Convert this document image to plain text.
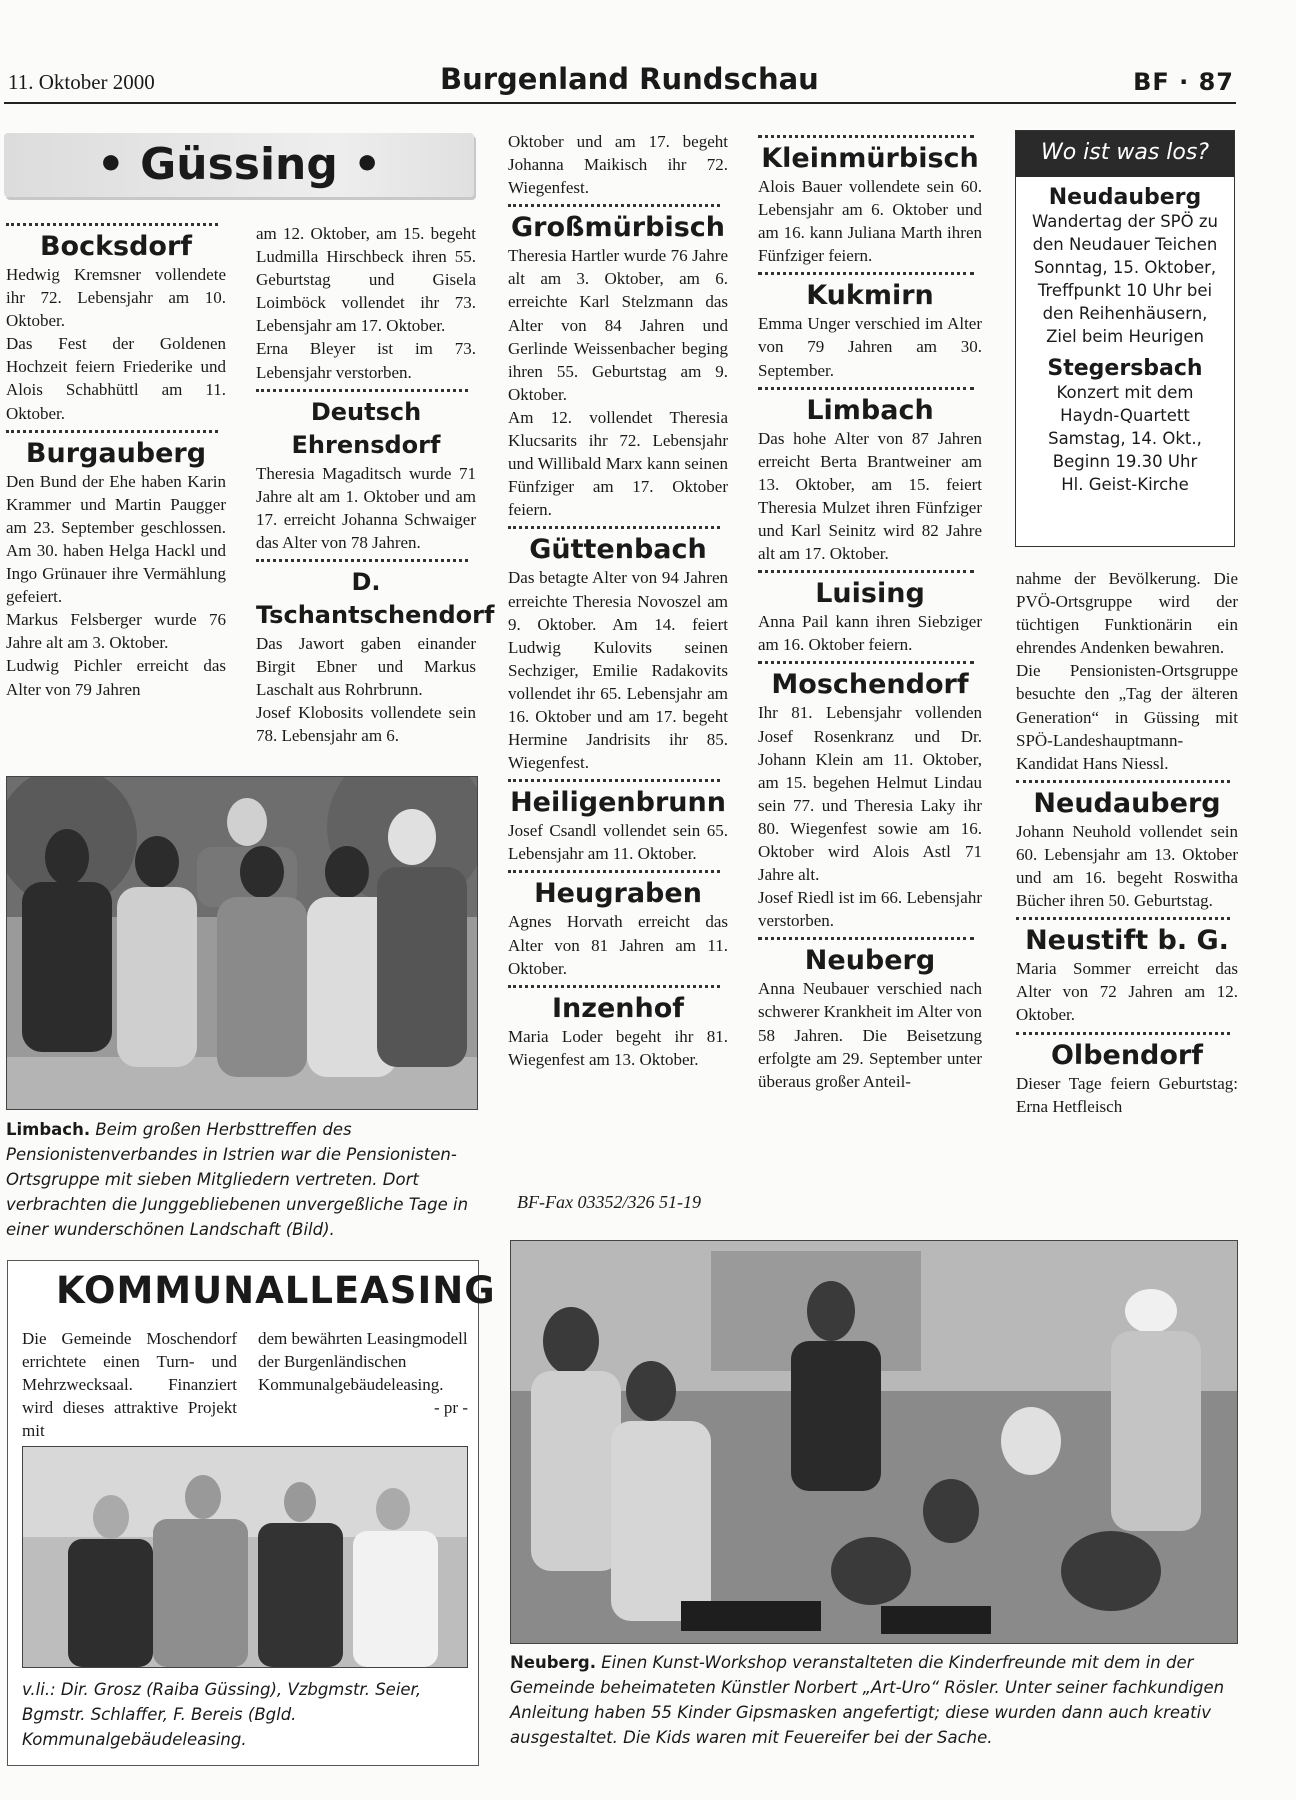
11. Oktober 2000	Burgenland Rundschau	BF · 87
• Güssing •
Bocksdorf

Hedwig Kremsner vollendete ihr 72. Lebensjahr am 10. Oktober.

Das Fest der Goldenen Hochzeit feiern Friederike und Alois Schabhüttl am 11. Oktober.

Burgauberg

Den Bund der Ehe haben Karin Krammer und Martin Paugger am 23. September geschlossen. Am 30. haben Helga Hackl und Ingo Grünauer ihre Vermählung gefeiert.

Markus Felsberger wurde 76 Jahre alt am 3. Oktober.

Ludwig Pichler erreicht das Alter von 79 Jahren

am 12. Oktober, am 15. begeht Ludmilla Hirschbeck ihren 55. Geburtstag und Gisela Loimböck vollendet ihr 73. Lebensjahr am 17. Oktober.

Erna Bleyer ist im 73. Lebensjahr verstorben.

Deutsch Ehrensdorf

Theresia Magaditsch wurde 71 Jahre alt am 1. Oktober und am 17. erreicht Johanna Schwaiger das Alter von 78 Jahren.

D. Tschantschendorf

Das Jawort gaben einander Birgit Ebner und Markus Laschalt aus Rohrbrunn.

Josef Klobosits vollendete sein 78. Lebensjahr am 6.

Oktober und am 17. begeht Johanna Maikisch ihr 72. Wiegenfest.

Großmürbisch

Theresia Hartler wurde 76 Jahre alt am 3. Oktober, am 6. erreichte Karl Stelzmann das Alter von 84 Jahren und Gerlinde Weissenbacher beging ihren 55. Geburtstag am 9. Oktober.

Am 12. vollendet Theresia Klucsarits ihr 72. Lebensjahr und Willibald Marx kann seinen Fünfziger am 17. Oktober feiern.

Güttenbach

Das betagte Alter von 94 Jahren erreichte Theresia Novoszel am 9. Oktober. Am 14. feiert Ludwig Kulovits seinen Sechziger, Emilie Radakovits vollendet ihr 65. Lebensjahr am 16. Oktober und am 17. begeht Hermine Jandrisits ihr 85. Wiegenfest.

Heiligenbrunn

Josef Csandl vollendet sein 65. Lebensjahr am 11. Oktober.

Heugraben

Agnes Horvath erreicht das Alter von 81 Jahren am 11. Oktober.

Inzenhof

Maria Loder begeht ihr 81. Wiegenfest am 13. Oktober.

BF-Fax 03352/326 51-19
Kleinmürbisch

Alois Bauer vollendete sein 60. Lebensjahr am 6. Oktober und am 16. kann Juliana Marth ihren Fünfziger feiern.

Kukmirn

Emma Unger verschied im Alter von 79 Jahren am 30. September.

Limbach

Das hohe Alter von 87 Jahren erreicht Berta Brantweiner am 13. Oktober, am 15. feiert Theresia Mulzet ihren Fünfziger und Karl Seinitz wird 82 Jahre alt am 17. Oktober.

Luising

Anna Pail kann ihren Siebziger am 16. Oktober feiern.

Moschendorf

Ihr 81. Lebensjahr vollenden Josef Rosenkranz und Dr. Johann Klein am 11. Oktober, am 15. begehen Helmut Lindau sein 77. und Theresia Laky ihr 80. Wiegenfest sowie am 16. Oktober wird Alois Astl 71 Jahre alt.

Josef Riedl ist im 66. Lebensjahr verstorben.

Neuberg

Anna Neubauer verschied nach schwerer Krankheit im Alter von 58 Jahren. Die Beisetzung erfolgte am 29. September unter überaus großer Anteil-

Wo ist was los?
Neudauberg
Wandertag der SPÖ zu
den Neudauer Teichen
Sonntag, 15. Oktober,
Treffpunkt 10 Uhr bei
den Reihenhäusern,
Ziel beim Heurigen
Stegersbach
Konzert mit dem
Haydn-Quartett
Samstag, 14. Okt.,
Beginn 19.30 Uhr
Hl. Geist-Kirche

nahme der Bevölkerung. Die PVÖ-Ortsgruppe wird der tüchtigen Funktionärin ein ehrendes Andenken bewahren.

Die Pensionisten-Ortsgruppe besuchte den „Tag der älteren Generation“ in Güssing mit SPÖ-Landeshauptmann-Kandidat Hans Niessl.

Neudauberg

Johann Neuhold vollendet sein 60. Lebensjahr am 13. Oktober und am 16. begeht Roswitha Bücher ihren 50. Geburtstag.

Neustift b. G.

Maria Sommer erreicht das Alter von 72 Jahren am 12. Oktober.

Olbendorf

Dieser Tage feiern Geburtstag: Erna Hetfleisch

Limbach. Beim großen Herbsttreffen des Pensionistenverbandes in Istrien war die Pensionisten-Ortsgruppe mit sieben Mitgliedern vertreten. Dort verbrachten die Junggebliebenen unvergeßliche Tage in einer wunderschönen Landschaft (Bild).
KOMMUNALLEASING

Die Gemeinde Moschendorf errichtete einen Turn- und Mehrzwecksaal. Finanziert wird dieses attraktive Projekt mit

dem bewährten Leasingmodell der Burgenländischen Kommunalgebäudeleasing.

- pr -

v.li.: Dir. Grosz (Raiba Güssing), Vzbgmstr. Seier, Bgmstr. Schlaffer, F. Bereis (Bgld. Kommunalgebäudeleasing.
Neuberg. Einen Kunst-Workshop veranstalteten die Kinderfreunde mit dem in der Gemeinde beheimateten Künstler Norbert „Art-Uro“ Rösler. Unter seiner fachkundigen Anleitung haben 55 Kinder Gipsmasken angefertigt; diese wurden dann auch kreativ ausgestaltet. Die Kids waren mit Feuereifer bei der Sache.
